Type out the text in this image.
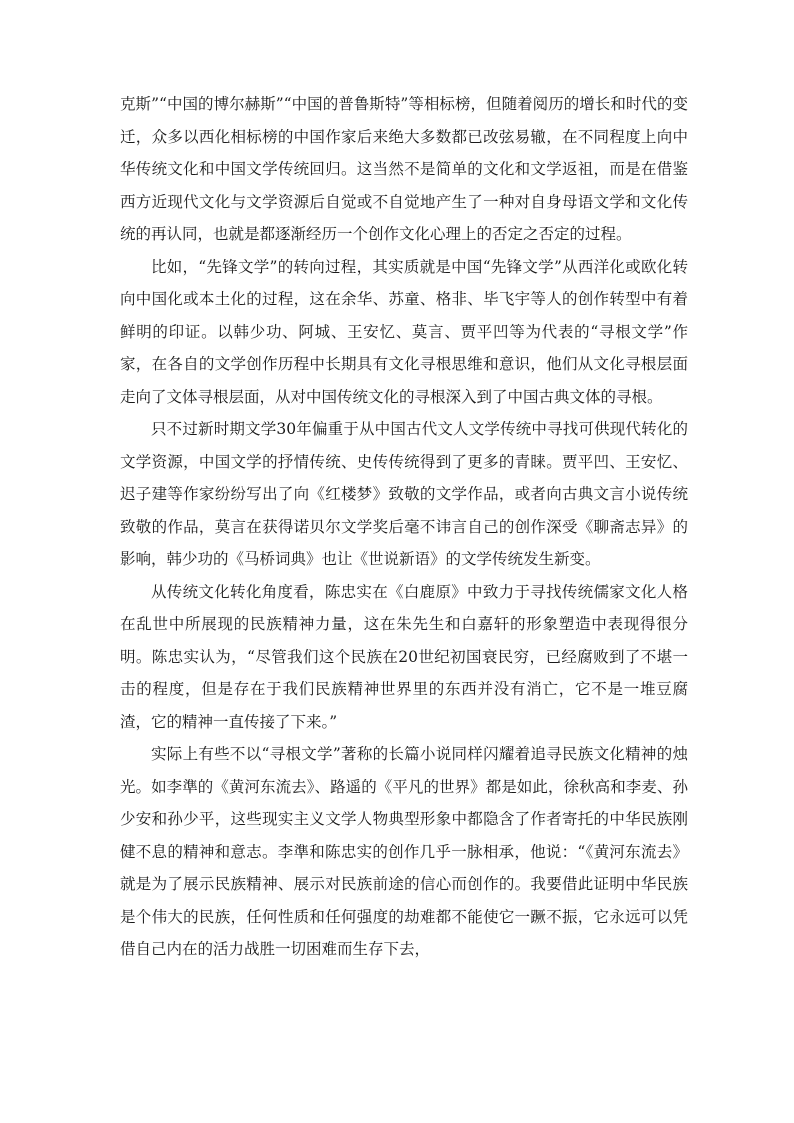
克斯”“中国的博尔赫斯”“中国的普鲁斯特”等相标榜，但随着阅历的增长和时代的变迁，众多以西化相标榜的中国作家后来绝大多数都已改弦易辙，在不同程度上向中华传统文化和中国文学传统回归。这当然不是简单的文化和文学返祖，而是在借鉴西方近现代文化与文学资源后自觉或不自觉地产生了一种对自身母语文学和文化传统的再认同，也就是都逐渐经历一个创作文化心理上的否定之否定的过程。

比如，“先锋文学”的转向过程，其实质就是中国“先锋文学”从西洋化或欧化转向中国化或本土化的过程，这在余华、苏童、格非、毕飞宇等人的创作转型中有着鲜明的印证。以韩少功、阿城、王安忆、莫言、贾平凹等为代表的“寻根文学”作家，在各自的文学创作历程中长期具有文化寻根思维和意识，他们从文化寻根层面走向了文体寻根层面，从对中国传统文化的寻根深入到了中国古典文体的寻根。

只不过新时期文学30年偏重于从中国古代文人文学传统中寻找可供现代转化的文学资源，中国文学的抒情传统、史传传统得到了更多的青睐。贾平凹、王安忆、迟子建等作家纷纷写出了向《红楼梦》致敬的文学作品，或者向古典文言小说传统致敬的作品，莫言在获得诺贝尔文学奖后毫不讳言自己的创作深受《聊斋志异》的影响，韩少功的《马桥词典》也让《世说新语》的文学传统发生新变。

从传统文化转化角度看，陈忠实在《白鹿原》中致力于寻找传统儒家文化人格在乱世中所展现的民族精神力量，这在朱先生和白嘉轩的形象塑造中表现得很分明。陈忠实认为，“尽管我们这个民族在20世纪初国衰民穷，已经腐败到了不堪一击的程度，但是存在于我们民族精神世界里的东西并没有消亡，它不是一堆豆腐渣，它的精神一直传接了下来。”

实际上有些不以“寻根文学”著称的长篇小说同样闪耀着追寻民族文化精神的烛光。如李準的《黄河东流去》、路遥的《平凡的世界》都是如此，徐秋高和李麦、孙少安和孙少平，这些现实主义文学人物典型形象中都隐含了作者寄托的中华民族刚健不息的精神和意志。李準和陈忠实的创作几乎一脉相承，他说：“《黄河东流去》就是为了展示民族精神、展示对民族前途的信心而创作的。我要借此证明中华民族是个伟大的民族，任何性质和任何强度的劫难都不能使它一蹶不振，它永远可以凭借自己内在的活力战胜一切困难而生存下去，
